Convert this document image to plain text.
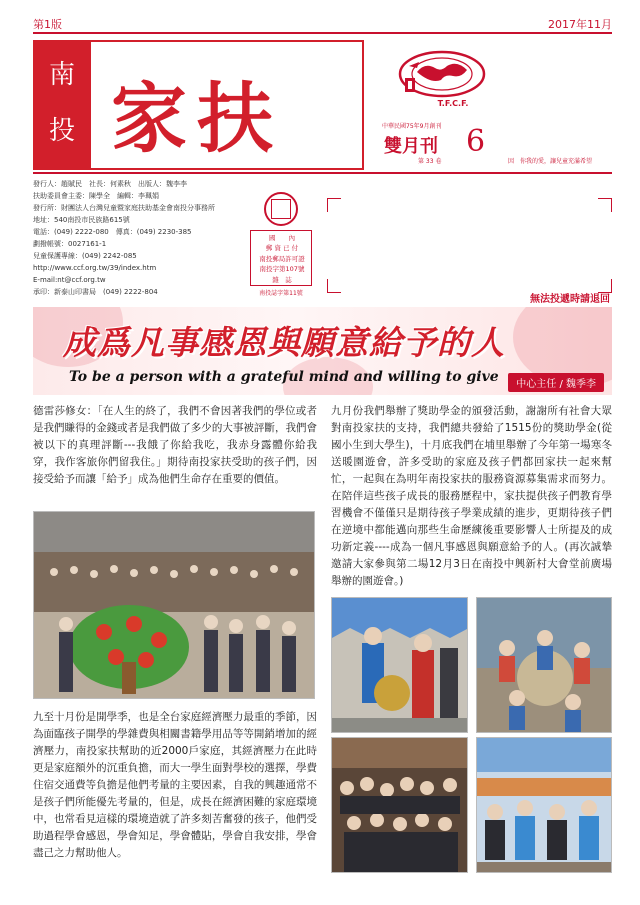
第1版	2017年11月
南
投 家扶	T.F.C.F.
中華民國75年9月創刊
雙月刊 6
第 33 卷	因　你我的愛，讓兒童充滿希望
發行人：趙賦民　社長：何素秋　出版人：魏李李
扶助委員會主委：陳學全　編輯：李珮娟
發行所：財團法人台灣兒童暨家庭扶助基金會南投分事務所
地址：540南投市民族路615號
電話：(049) 2222-080　傳真：(049) 2230-385
劃撥帳號：0027161-1
兒童保護專線：(049) 2242-085
http://www.ccf.org.tw/39/index.htm
E-mail:nt@ccf.org.tw
承印：新泰山印書局　(049) 2222-804
國　　內
郵 資 已 付
南投郵局許可證
南投字第107號
雜　誌
南投誌字第11號
無法投遞時請退回
成爲凡事感恩與願意給予的人
To be a person with a grateful mind and willing to give	中心主任 / 魏季李
德雷莎修女：「在人生的終了，我們不會因著我們的學位或者是我們賺得的金錢或者是我們做了多少的大事被評斷，我們會被以下的真理評斷---我餓了你給我吃，我赤身露體你給我穿，我作客旅你們留我住。」期待南投家扶受助的孩子們，因接受給予而讓「給予」成為他們生命存在重要的價值。
九至十月份是開學季，也是全台家庭經濟壓力最重的季節，因為面臨孩子開學的學雜費與相關書籍學用品等等開銷增加的經濟壓力，南投家扶幫助的近2000戶家庭，其經濟壓力在此時更是家庭額外的沉重負擔，而大一學生面對學校的選擇，學費住宿交通費等負擔是他們考量的主要因素，自我的興趣通常不是孩子們所能優先考量的，但是，成長在經濟困難的家庭環境中，也常看見這樣的環境造就了許多刻苦奮發的孩子，他們受助過程學會感恩，學會知足，學會體貼，學會自我安排，學會盡己之力幫助他人。
九月份我們舉辦了獎助學金的頒發活動，謝謝所有社會大眾對南投家扶的支持，我們總共發給了1515份的獎助學金(從國小生到大學生)，十月底我們在埔里舉辦了今年第一場寒冬送暖園遊會，許多受助的家庭及孩子們都回家扶一起來幫忙，一起與在為明年南投家扶的服務資源募集需求而努力。在陪伴這些孩子成長的服務歷程中，家扶提供孩子們教育學習機會不僅僅只是期待孩子學業成績的進步，更期待孩子們在逆境中都能邁向那些生命歷練後重要影響人士所提及的成功新定義----成為一個凡事感恩與願意給予的人。(再次誠摯邀請大家參與第二場12月3日在南投中興新村大會堂前廣場舉辦的園遊會。)
